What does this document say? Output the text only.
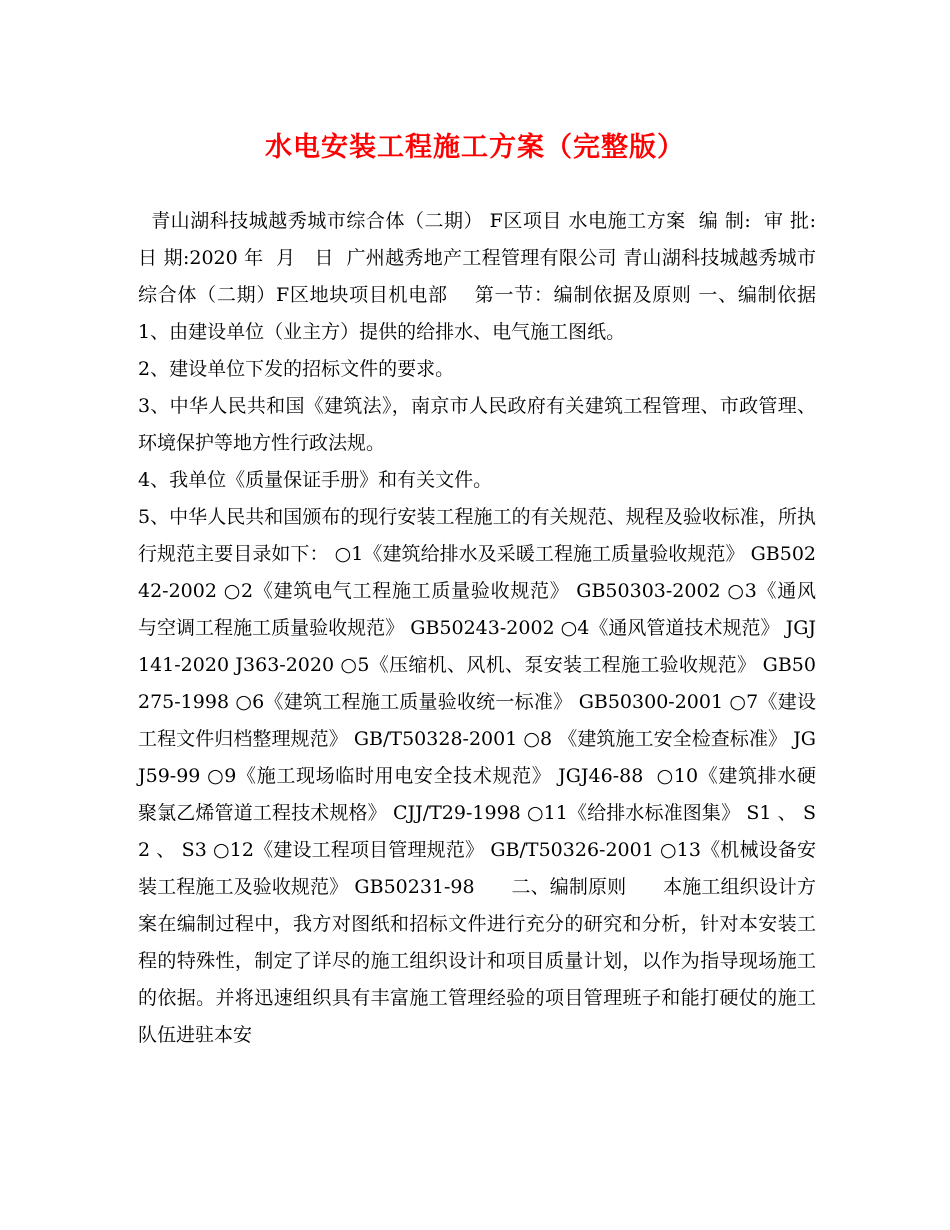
水电安装工程施工方案（完整版）

青山湖科技城越秀城市综合体（二期） F区项目 水电施工方案  编 制:  审 批:                  日 期:2020 年  月   日  广州越秀地产工程管理有限公司 青山湖科技城越秀城市综合体（二期）F区地块项目机电部    第一节：编制依据及原则 一、编制依据 1、由建设单位（业主方）提供的给排水、电气施工图纸。

2、建设单位下发的招标文件的要求。

3、中华人民共和国《建筑法》，南京市人民政府有关建筑工程管理、市政管理、环境保护等地方性行政法规。

4、我单位《质量保证手册》和有关文件。

5、中华人民共和国颁布的现行安装工程施工的有关规范、规程及验收标准，所执行规范主要目录如下： ○1《建筑给排水及采暖工程施工质量验收规范》 GB50242-2002 ○2《建筑电气工程施工质量验收规范》 GB50303-2002 ○3《通风与空调工程施工质量验收规范》 GB50243-2002 ○4《通风管道技术规范》 JGJ141-2020 J363-2020 ○5《压缩机、风机、泵安装工程施工验收规范》 GB50275-1998 ○6《建筑工程施工质量验收统一标准》 GB50300-2001 ○7《建设工程文件归档整理规范》 GB/T50328-2001 ○8 《建筑施工安全检查标准》 JGJ59-99 ○9《施工现场临时用电安全技术规范》 JGJ46-88  ○10《建筑排水硬聚氯乙烯管道工程技术规格》 CJJ/T29-1998 ○11《给排水标准图集》 S1 、 S2 、 S3 ○12《建设工程项目管理规范》 GB/T50326-2001 ○13《机械设备安装工程施工及验收规范》 GB50231-98      二、编制原则      本施工组织设计方案在编制过程中，我方对图纸和招标文件进行充分的研究和分析，针对本安装工程的特殊性，制定了详尽的施工组织设计和项目质量计划，以作为指导现场施工的依据。并将迅速组织具有丰富施工管理经验的项目管理班子和能打硬仗的施工队伍进驻本安
